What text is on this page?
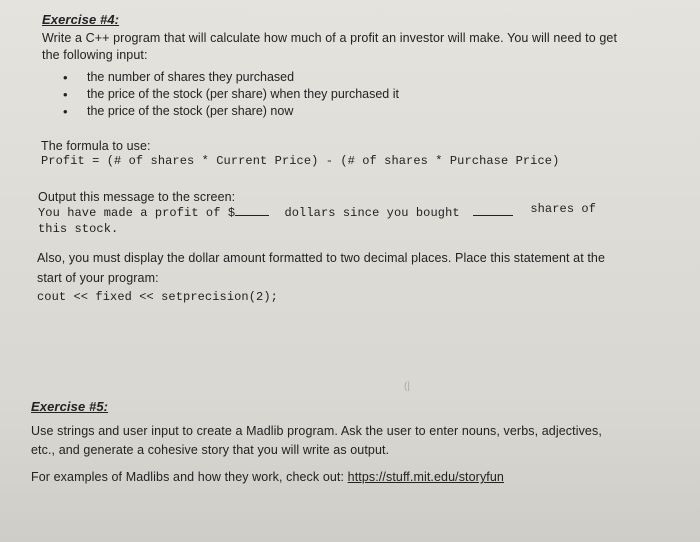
Exercise #4:
Write a C++ program that will calculate how much of a profit an investor will make. You will need to get
the following input:
• the number of shares they purchased
• the price of the stock (per share) when they purchased it
• the price of the stock (per share) now
The formula to use:
Profit = (# of shares * Current Price) - (# of shares * Purchase Price)
Output this message to the screen:
You have made a profit of $	dollars since you bought	shares of
this stock.
Also, you must display the dollar amount formatted to two decimal places. Place this statement at the
start of your program:
cout << fixed << setprecision(2);
(|
Exercise #5:
Use strings and user input to create a Madlib program. Ask the user to enter nouns, verbs, adjectives,
etc., and generate a cohesive story that you will write as output.
For examples of Madlibs and how they work, check out: https://stuff.mit.edu/storyfun
